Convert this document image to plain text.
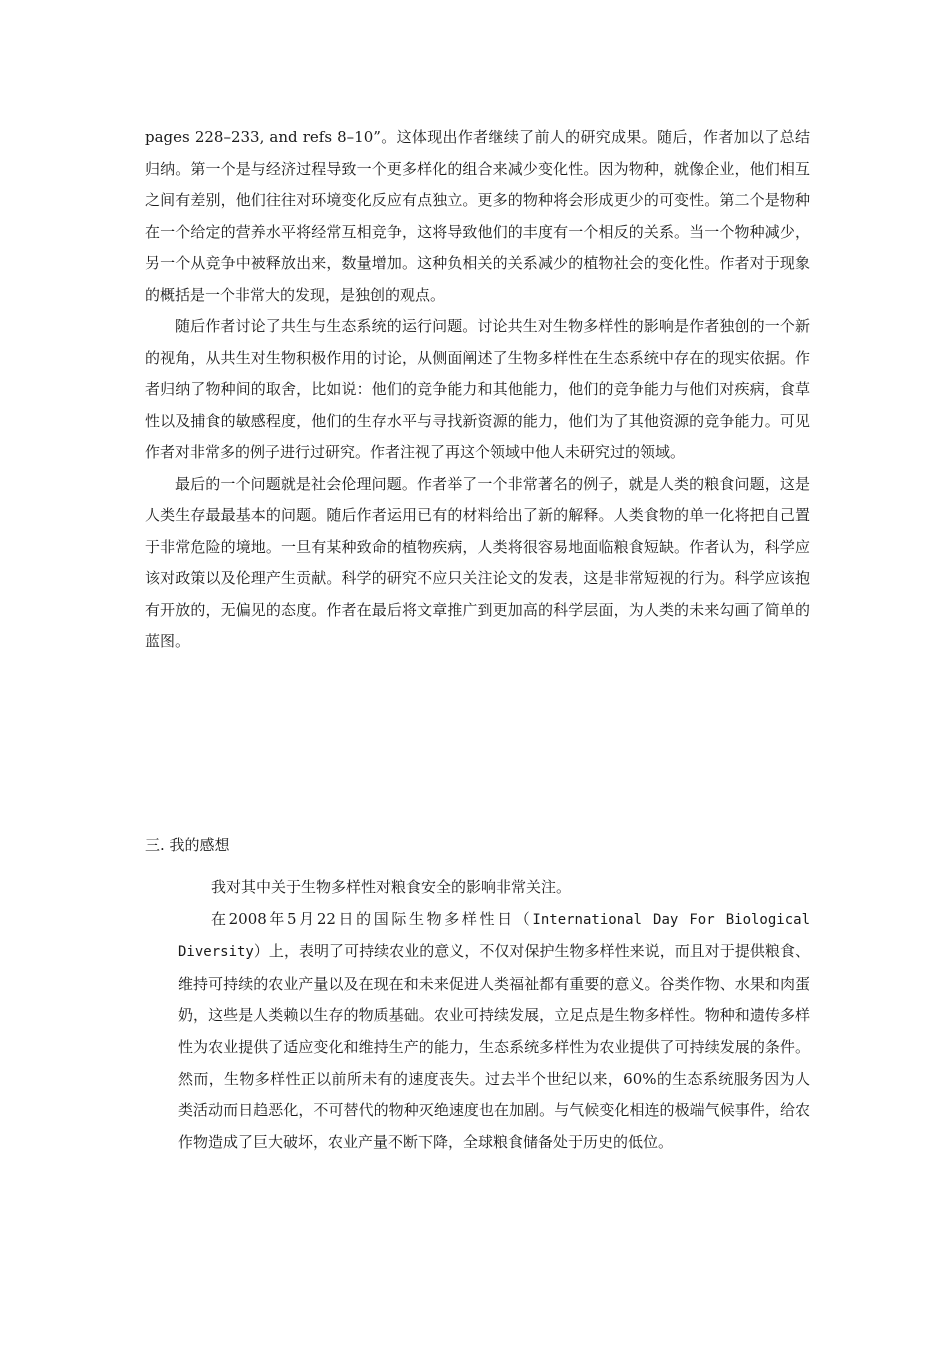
pages 228–233, and refs 8–10”。这体现出作者继续了前人的研究成果。随后，作者加以了总结归纳。第一个是与经济过程导致一个更多样化的组合来减少变化性。因为物种，就像企业，他们相互之间有差别，他们往往对环境变化反应有点独立。更多的物种将会形成更少的可变性。第二个是物种在一个给定的营养水平将经常互相竞争，这将导致他们的丰度有一个相反的关系。当一个物种减少，另一个从竞争中被释放出来，数量增加。这种负相关的关系减少的植物社会的变化性。作者对于现象的概括是一个非常大的发现，是独创的观点。

随后作者讨论了共生与生态系统的运行问题。讨论共生对生物多样性的影响是作者独创的一个新的视角，从共生对生物积极作用的讨论，从侧面阐述了生物多样性在生态系统中存在的现实依据。作者归纳了物种间的取舍，比如说：他们的竞争能力和其他能力，他们的竞争能力与他们对疾病，食草性以及捕食的敏感程度，他们的生存水平与寻找新资源的能力，他们为了其他资源的竞争能力。可见作者对非常多的例子进行过研究。作者注视了再这个领域中他人未研究过的领域。

最后的一个问题就是社会伦理问题。作者举了一个非常著名的例子，就是人类的粮食问题，这是人类生存最最基本的问题。随后作者运用已有的材料给出了新的解释。人类食物的单一化将把自己置于非常危险的境地。一旦有某种致命的植物疾病，人类将很容易地面临粮食短缺。作者认为，科学应该对政策以及伦理产生贡献。科学的研究不应只关注论文的发表，这是非常短视的行为。科学应该抱有开放的，无偏见的态度。作者在最后将文章推广到更加高的科学层面，为人类的未来勾画了简单的蓝图。

三. 我的感想

我对其中关于生物多样性对粮食安全的影响非常关注。

在2008年5月22日的国际生物多样性日（International Day For Biological Diversity）上，表明了可持续农业的意义，不仅对保护生物多样性来说，而且对于提供粮食、维持可持续的农业产量以及在现在和未来促进人类福祉都有重要的意义。谷类作物、水果和肉蛋奶，这些是人类赖以生存的物质基础。农业可持续发展，立足点是生物多样性。物种和遗传多样性为农业提供了适应变化和维持生产的能力，生态系统多样性为农业提供了可持续发展的条件。然而，生物多样性正以前所未有的速度丧失。过去半个世纪以来，60%的生态系统服务因为人类活动而日趋恶化，不可替代的物种灭绝速度也在加剧。与气候变化相连的极端气候事件，给农作物造成了巨大破坏，农业产量不断下降，全球粮食储备处于历史的低位。
